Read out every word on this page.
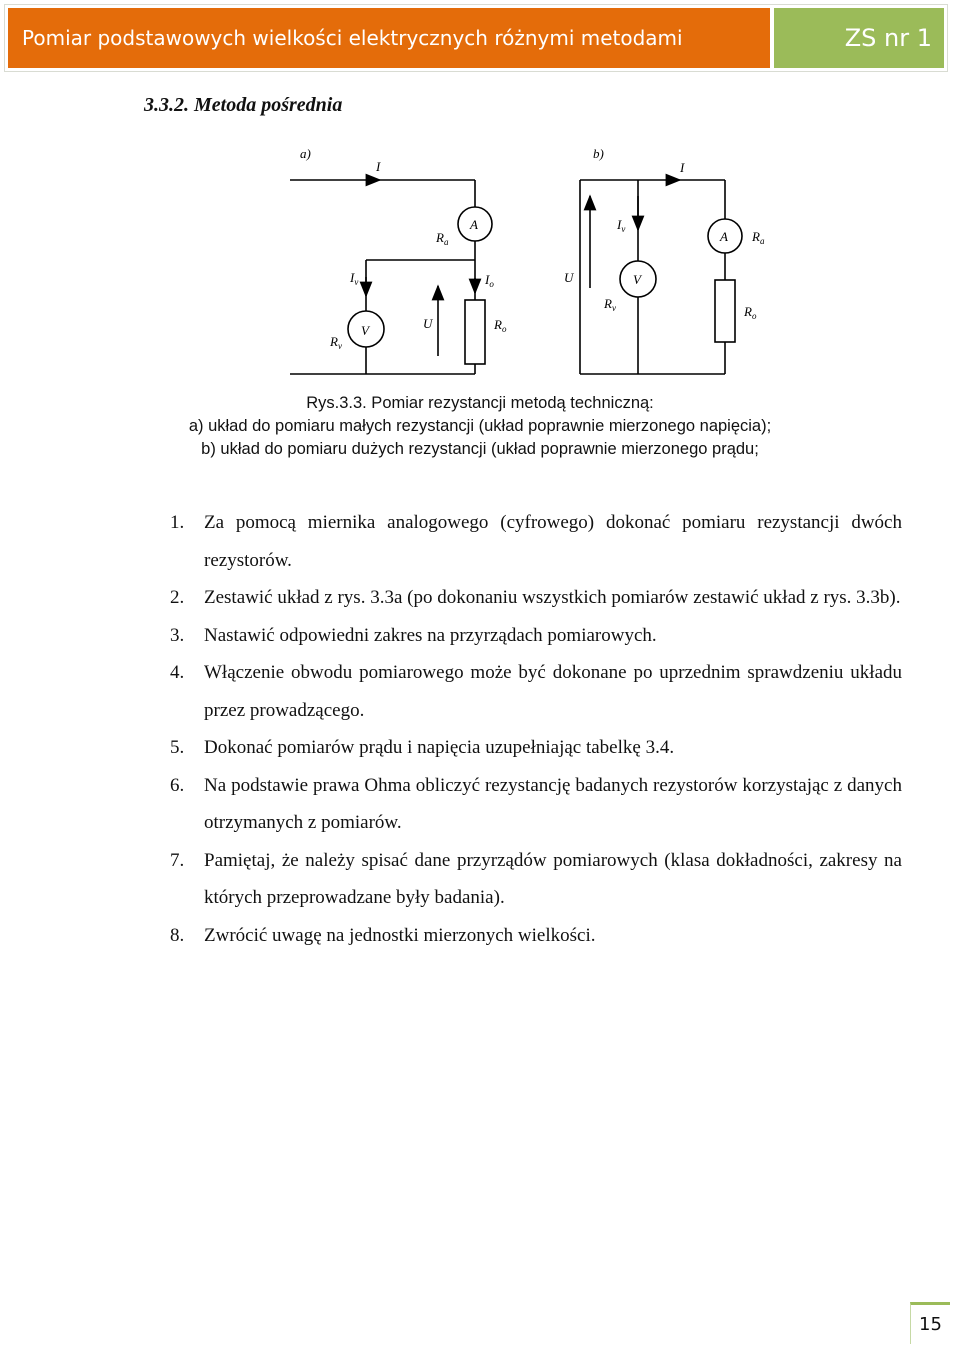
Pomiar podstawowych wielkości elektrycznych różnymi metodami	ZS nr 1
3.3.2. Metoda pośrednia
a)
I
A
$R_a$
$I_v$
V
$R_v$
U
$I_o$
$R_o$
b)
I
$I_v$	A $R_a$
U	V
$R_v$	$R_o$
Rys.3.3. Pomiar rezystancji metodą techniczną:
a) układ do pomiaru małych rezystancji (układ poprawnie mierzonego napięcia);
b) układ do pomiaru dużych rezystancji (układ poprawnie mierzonego prądu;
1. Za pomocą miernika analogowego (cyfrowego) dokonać pomiaru rezystancji dwóch rezystorów.
2. Zestawić układ z rys. 3.3a (po dokonaniu wszystkich pomiarów zestawić układ z rys. 3.3b).
3. Nastawić odpowiedni zakres na przyrządach pomiarowych.
4. Włączenie obwodu pomiarowego może być dokonane po uprzednim sprawdzeniu układu przez prowadzącego.
5. Dokonać pomiarów prądu i napięcia uzupełniając tabelkę 3.4.
6. Na podstawie prawa Ohma obliczyć rezystancję badanych rezystorów korzystając z danych otrzymanych z pomiarów.
7. Pamiętaj, że należy spisać dane przyrządów pomiarowych (klasa dokładności, zakresy na których przeprowadzane były badania).
8. Zwrócić uwagę na jednostki mierzonych wielkości.
15
